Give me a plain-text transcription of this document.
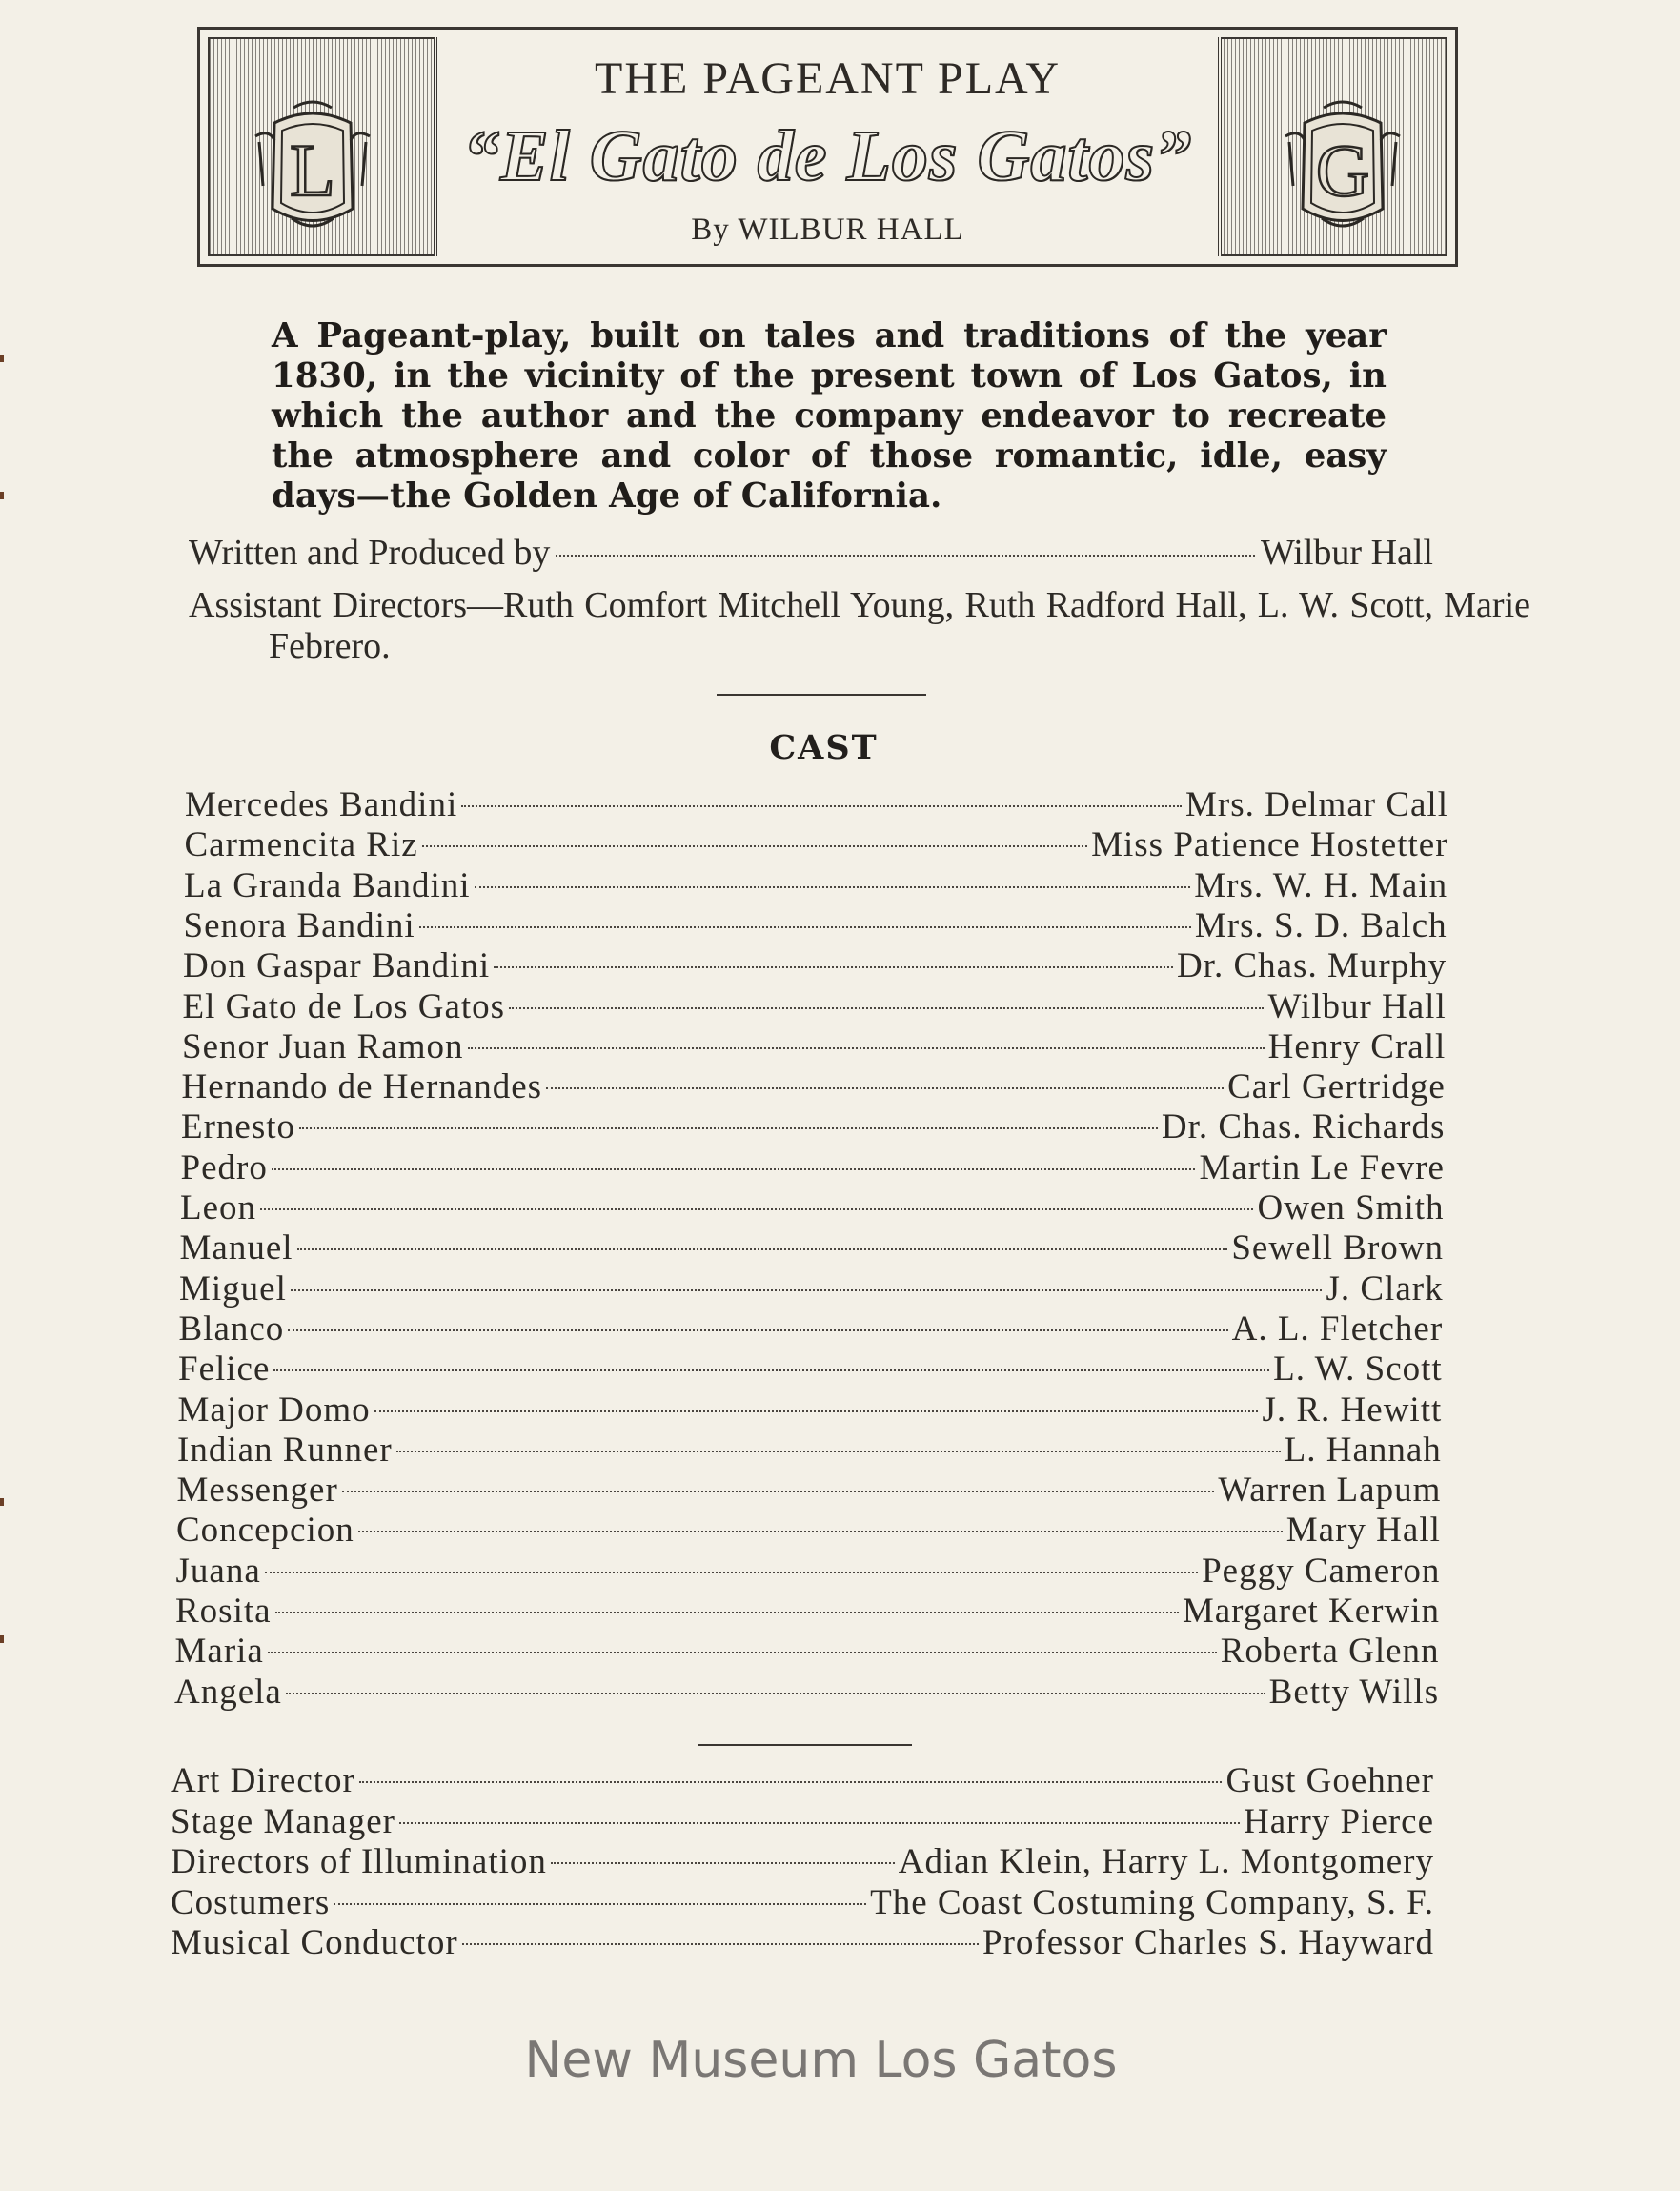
L	G
THE PAGEANT PLAY
“El Gato de Los Gatos”
By WILBUR HALL
A Pageant-play, built on tales and traditions of the year 1830, in the vicinity of the present town of Los Gatos, in which the author and the company endeavor to recreate the atmosphere and color of those romantic, idle, easy days—the Golden Age of California.
Written and Produced by	Wilbur Hall
Assistant Directors—Ruth Comfort Mitchell Young, Ruth Radford Hall, L. W. Scott, Marie Febrero.
CAST
Mercedes Bandini	Mrs. Delmar Call
Carmencita Riz	Miss Patience Hostetter
La Granda Bandini	Mrs. W. H. Main
Senora Bandini	Mrs. S. D. Balch
Don Gaspar Bandini	Dr. Chas. Murphy
El Gato de Los Gatos	Wilbur Hall
Senor Juan Ramon	Henry Crall
Hernando de Hernandes	Carl Gertridge
Ernesto	Dr. Chas. Richards
Pedro	Martin Le Fevre
Leon	Owen Smith
Manuel	Sewell Brown
Miguel	J. Clark
Blanco	A. L. Fletcher
Felice	L. W. Scott
Major Domo	J. R. Hewitt
Indian Runner	L. Hannah
Messenger	Warren Lapum
Concepcion	Mary Hall
Juana	Peggy Cameron
Rosita	Margaret Kerwin
Maria	Roberta Glenn
Angela	Betty Wills
Art Director	Gust Goehner
Stage Manager	Harry Pierce
Directors of Illumination	Adian Klein, Harry L. Montgomery
Costumers	The Coast Costuming Company, S. F.
Musical Conductor	Professor Charles S. Hayward
New Museum Los Gatos
